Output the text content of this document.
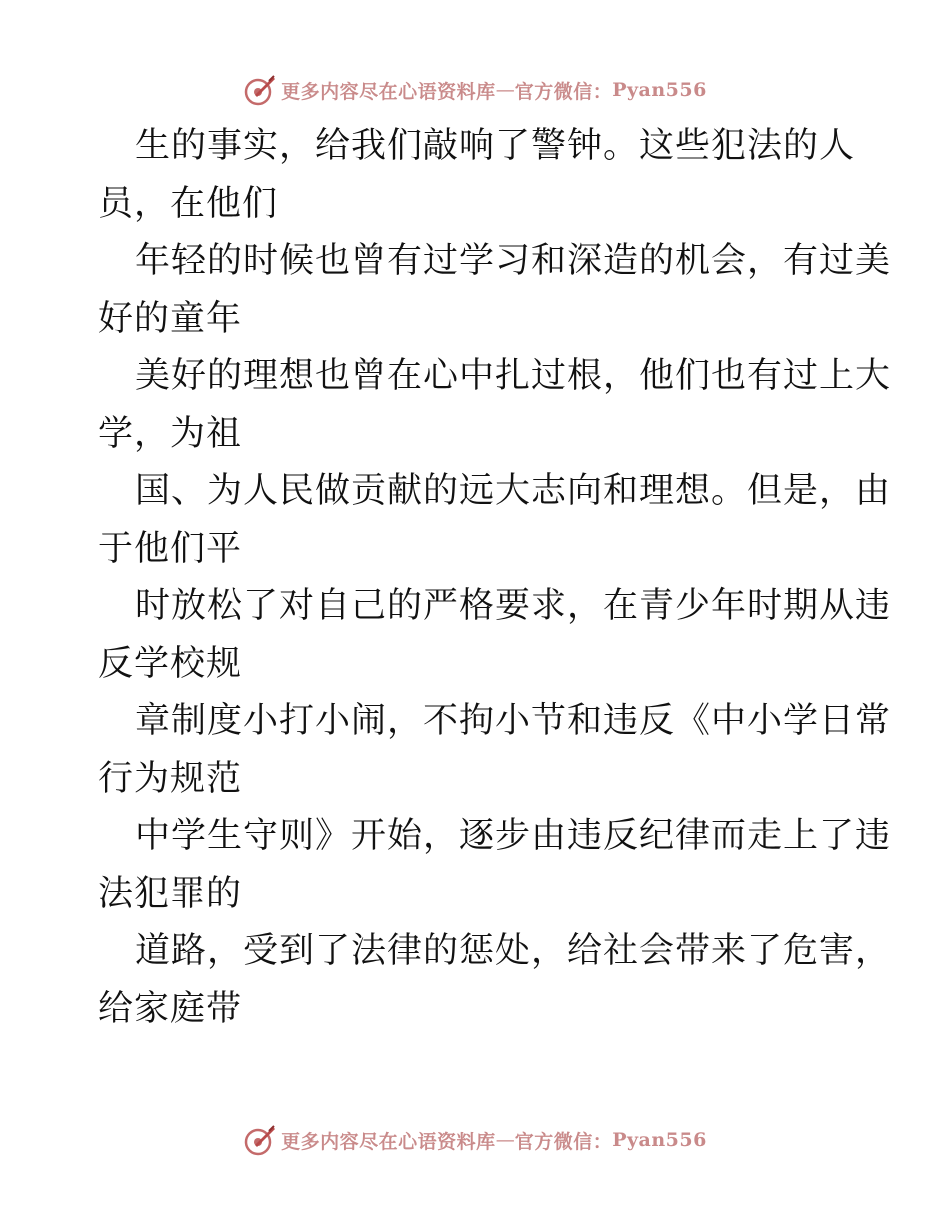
更多内容尽在心语资料库 — 官方微信： Pyan556
生的事实，给我们敲响了警钟。这些犯法的人
员，在他们
年轻的时候也曾有过学习和深造的机会，有过美
好的童年
美好的理想也曾在心中扎过根，他们也有过上大
学，为祖
国、为人民做贡献的远大志向和理想。但是，由
于他们平
时放松了对自己的严格要求，在青少年时期从违
反学校规
章制度小打小闹，不拘小节和违反《中小学日常
行为规范
中学生守则》开始，逐步由违反纪律而走上了违
法犯罪的
道路，受到了法律的惩处，给社会带来了危害，
给家庭带
更多内容尽在心语资料库 — 官方微信： Pyan556
